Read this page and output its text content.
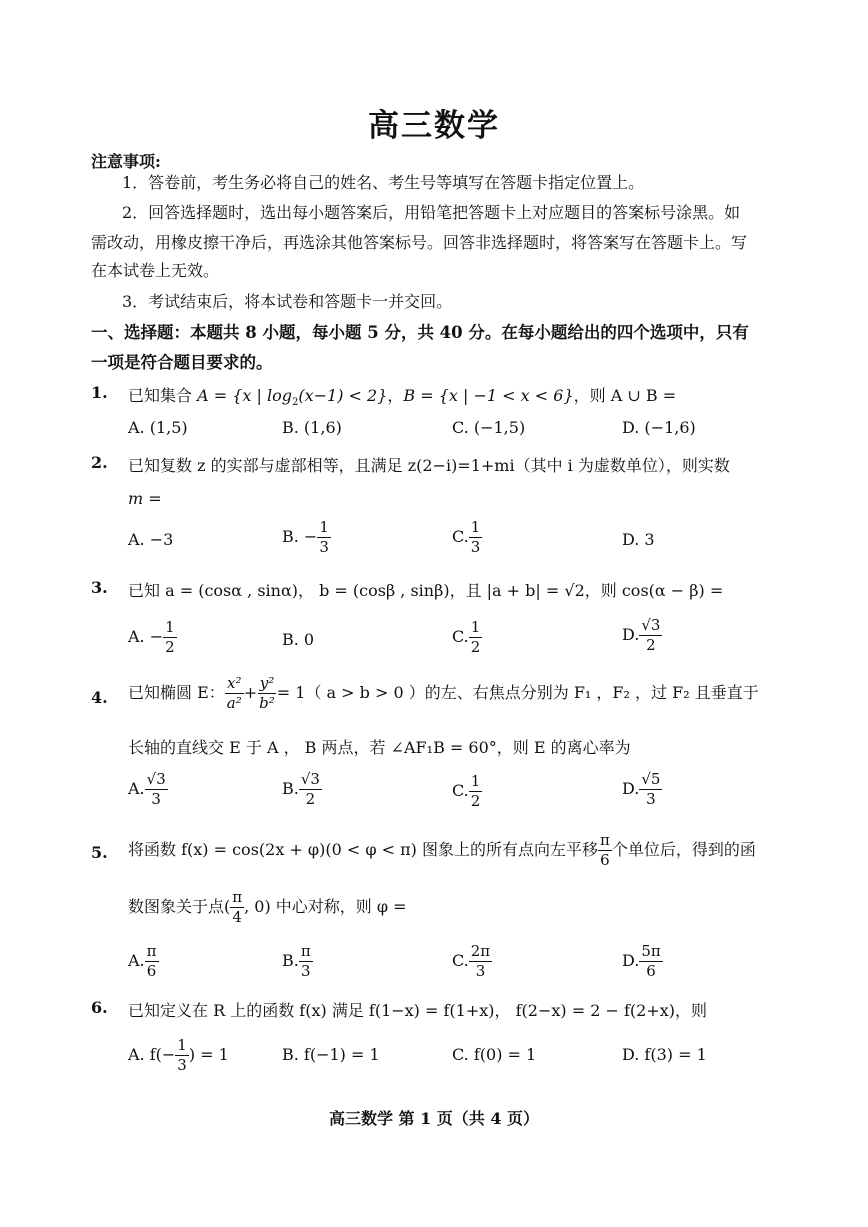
高三数学
注意事项:
1．答卷前，考生务必将自己的姓名、考生号等填写在答题卡指定位置上。
2．回答选择题时，选出每小题答案后，用铅笔把答题卡上对应题目的答案标号涂黑。如
需改动，用橡皮擦干净后，再选涂其他答案标号。回答非选择题时，将答案写在答题卡上。写
在本试卷上无效。
3．考试结束后，将本试卷和答题卡一并交回。
一、选择题：本题共 8 小题，每小题 5 分，共 40 分。在每小题给出的四个选项中，只有
一项是符合题目要求的。
1. 已知集合 A = {x | $\log_2(x-1) < 2$}，B = {x | −1 < x < 6}，则 A ∪ B =
A. (1,5)	B. (1,6)	C. (−1,5)	D. (−1,6)
2. 已知复数 z 的实部与虚部相等，且满足 z(2−i)=1+mi（其中 i 为虚数单位），则实数
m =
A. −3	B. − $\frac{1}{3}$	C. $\frac{1}{3}$	D. 3
3. 已知 a = (cosα , sinα)， b = (cosβ , sinβ)，且 |a + b| = √2，则 cos(α − β) =
A. − $\frac{1}{2}$	B. 0	C. $\frac{1}{2}$	D. $\frac{√3}{2}$
4. 已知椭圆 E： $\frac{\text{x²}}{\text{a²}} + \frac{\text{y²}}{\text{b²}} = 1$（ a > b > 0 ）的左、右焦点分别为 F₁ ，F₂ ，过 F₂ 且垂直于
长轴的直线交 E 于 A ， B 两点，若 ∠AF₁B = 60°，则 E 的离心率为
A. $\frac{√3}{3}$	B. $\frac{√3}{2}$	C. $\frac{1}{2}$	D. $\frac{√5}{3}$
5. 将函数 f(x) = cos(2x + φ)(0 < φ < π) 图象上的所有点向左平移 $\frac{\pi}{6}$ 个单位后，得到的函
数图象关于点( $\frac{\pi}{4}$ , 0) 中心对称，则 φ =
A. $\frac{\pi}{6}$	B. $\frac{\pi}{3}$	C. $\frac{2\pi}{3}$	D. $\frac{5\pi}{6}$
6. 已知定义在 R 上的函数 f(x) 满足 f(1−x) = f(1+x)， f(2−x) = 2 − f(2+x)，则
A. $f(- \frac{1}{3}$ ) = 1	B. f(−1) = 1	C. f(0) = 1	D. f(3) = 1
高三数学 第 1 页（共 4 页）
